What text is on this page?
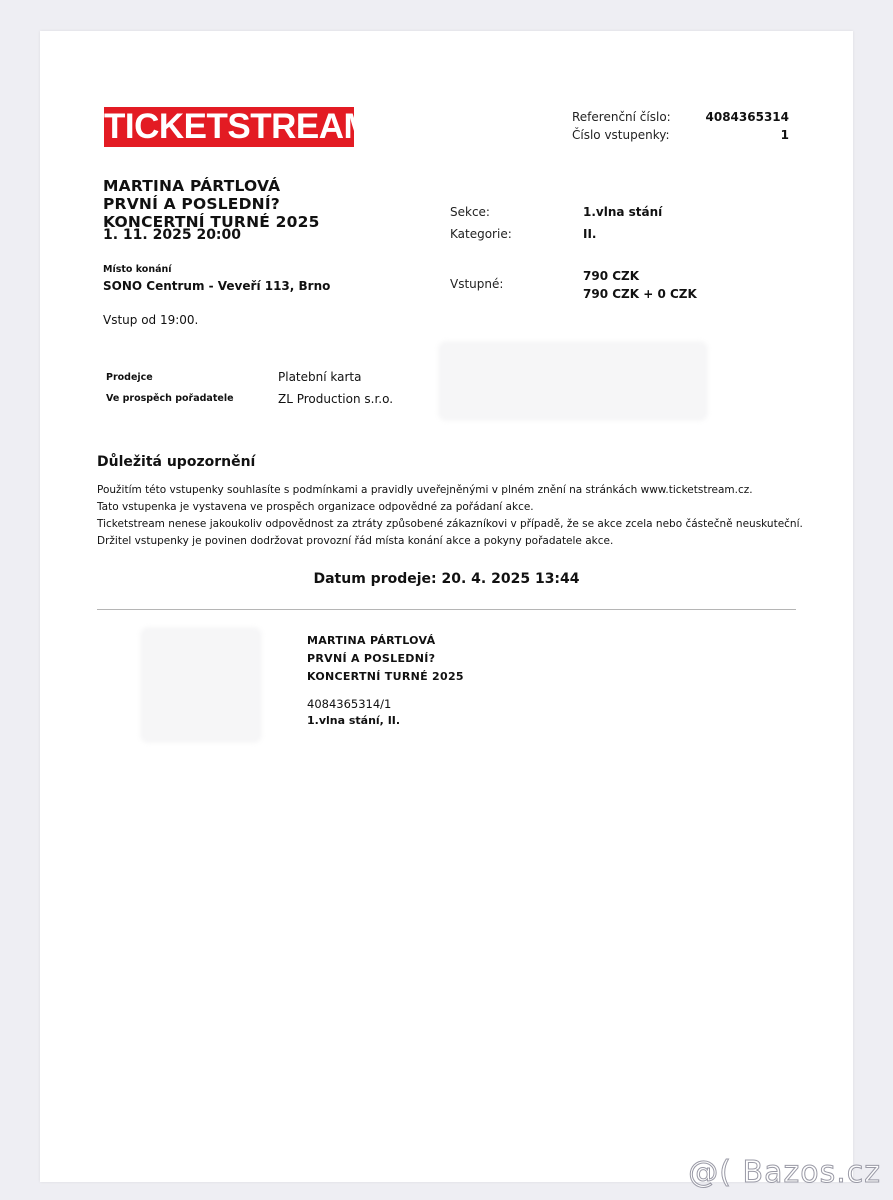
TICKETSTREAM	Referenční číslo:	4084365314
Číslo vstupenky:	1
MARTINA PÁRTLOVÁ
PRVNÍ A POSLEDNÍ?
KONCERTNÍ TURNÉ 2025
1. 11. 2025 20:00
Místo konání
SONO Centrum - Veveří 113, Brno
Vstup od 19:00.
Sekce:	1.vlna stání
Kategorie:	II.
Vstupné:
790 CZK
790 CZK + 0 CZK
Prodejce	Platební karta
Ve prospěch pořadatele	ZL Production s.r.o.
Důležitá upozornění
Použitím této vstupenky souhlasíte s podmínkami a pravidly uveřejněnými v plném znění na stránkách www.ticketstream.cz.
Tato vstupenka je vystavena ve prospěch organizace odpovědné za pořádaní akce.
Ticketstream nenese jakoukoliv odpovědnost za ztráty způsobené zákazníkovi v případě, že se akce zcela nebo částečně neuskuteční.
Držitel vstupenky je povinen dodržovat provozní řád místa konání akce a pokyny pořadatele akce.
Datum prodeje: 20. 4. 2025 13:44
MARTINA PÁRTLOVÁ
PRVNÍ A POSLEDNÍ?
KONCERTNÍ TURNÉ 2025
4084365314/1
1.vlna stání, II.
@( Bazos.cz
